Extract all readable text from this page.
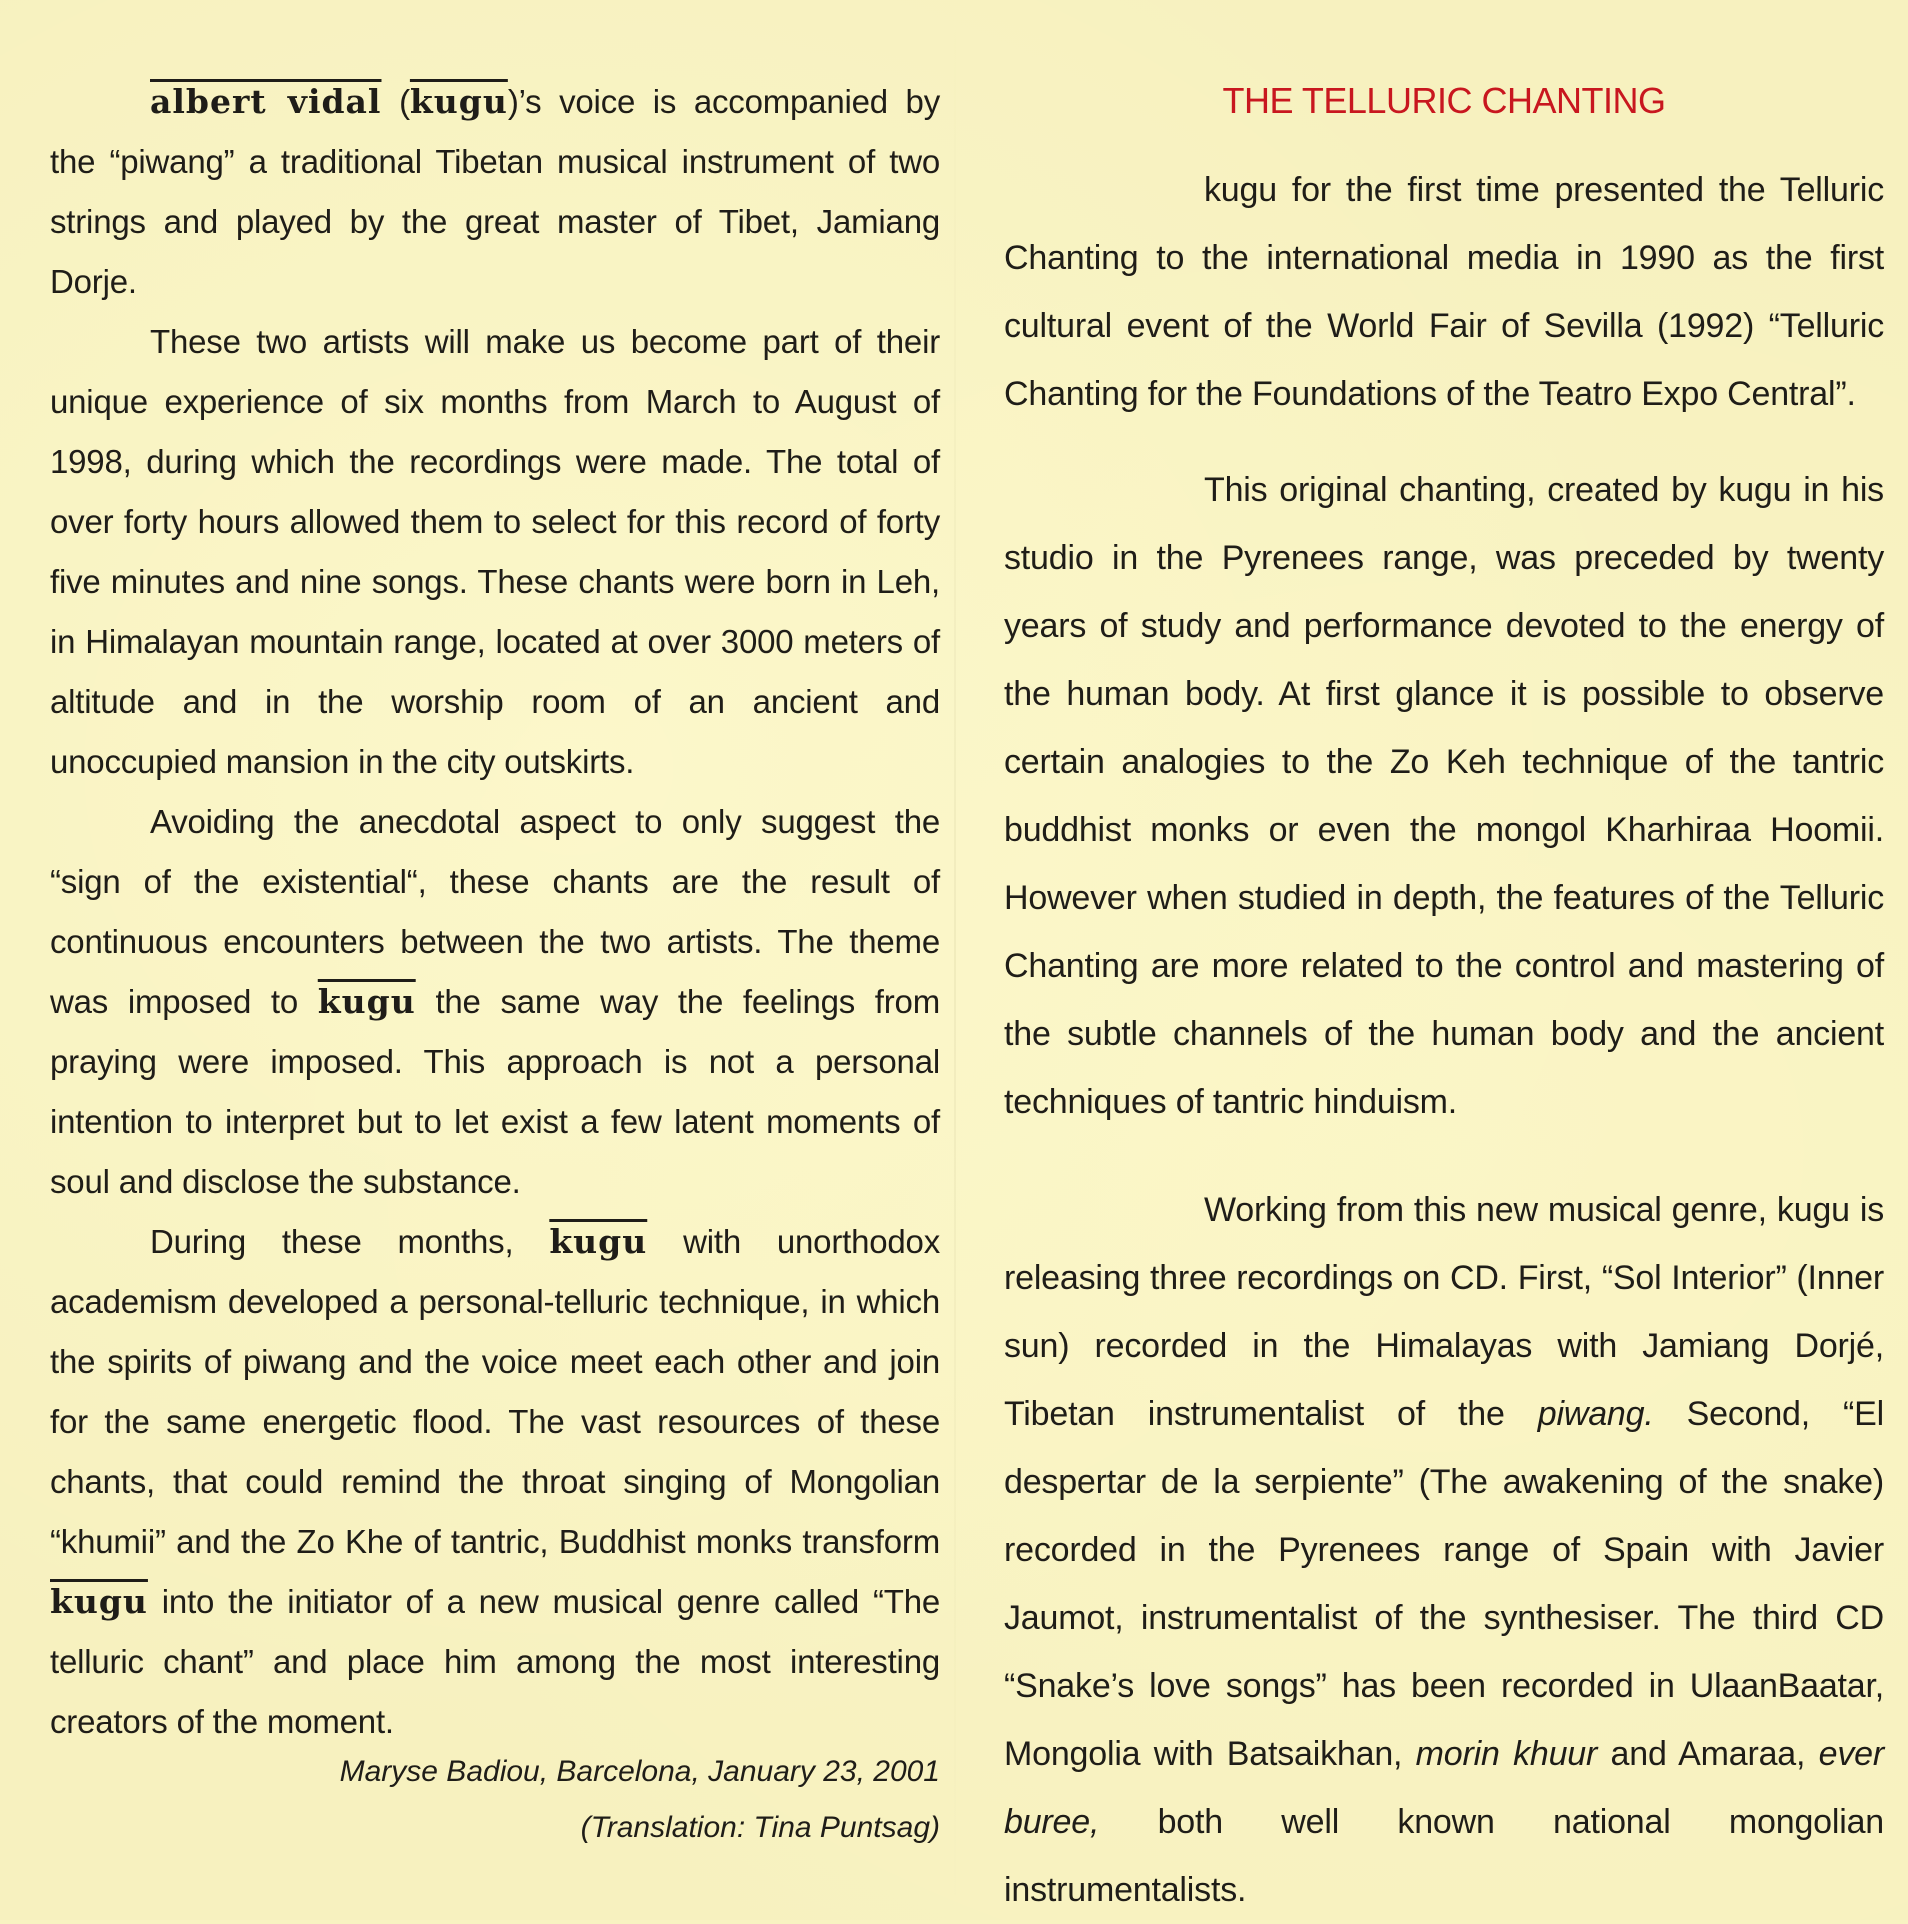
albert vidal (kugu)’s voice is accompanied by the “piwang” a traditional Tibetan musical instrument of two strings and played by the great master of Tibet, Jamiang Dorje.

These two artists will make us become part of their unique experience of six months from March to August of 1998, during which the recordings were made. The total of over forty hours allowed them to select for this record of forty five minutes and nine songs. These chants were born in Leh, in Himalayan mountain range, located at over 3000 meters of altitude and in the worship room of an ancient and unoccupied mansion in the city outskirts.

Avoiding the anecdotal aspect to only suggest the “sign of the existential“, these chants are the result of continuous encounters between the two artists. The theme was imposed to kugu the same way the feelings from praying were imposed. This approach is not a personal intention to interpret but to let exist a few latent moments of soul and disclose the substance.

During these months, kugu with unorthodox academism developed a personal-telluric technique, in which the spirits of piwang and the voice meet each other and join for the same energetic flood. The vast resources of these chants, that could remind the throat singing of Mongolian “khumii” and the Zo Khe of tantric, Buddhist monks transform kugu into the initiator of a new musical genre called “The telluric chant” and place him among the most interesting creators of the moment.

Maryse Badiou, Barcelona, January 23, 2001
(Translation: Tina Puntsag)
THE TELLURIC CHANTING

kugu for the first time presented the Telluric Chanting to the international media in 1990 as the first cultural event of the World Fair of Sevilla (1992) “Telluric Chanting for the Foundations of the Teatro Expo Central”.

This original chanting, created by kugu in his studio in the Pyrenees range, was preceded by twenty years of study and performance devoted to the energy of the human body. At first glance it is possible to observe certain analogies to the Zo Keh technique of the tantric buddhist monks or even the mongol Kharhiraa Hoomii. However when studied in depth, the features of the Telluric Chanting are more related to the control and mastering of the subtle channels of the human body and the ancient techniques of tantric hinduism.

Working from this new musical genre, kugu is releasing three recordings on CD. First, “Sol Interior” (Inner sun) recorded in the Himalayas with Jamiang Dorjé, Tibetan instrumentalist of the piwang. Second, “El despertar de la serpiente” (The awakening of the snake) recorded in the Pyrenees range of Spain with Javier Jaumot, instrumentalist of the synthesiser. The third CD “Snake’s love songs” has been recorded in UlaanBaatar, Mongolia with Batsaikhan, morin khuur and Amaraa, ever buree, both well known national mongolian instrumentalists.
